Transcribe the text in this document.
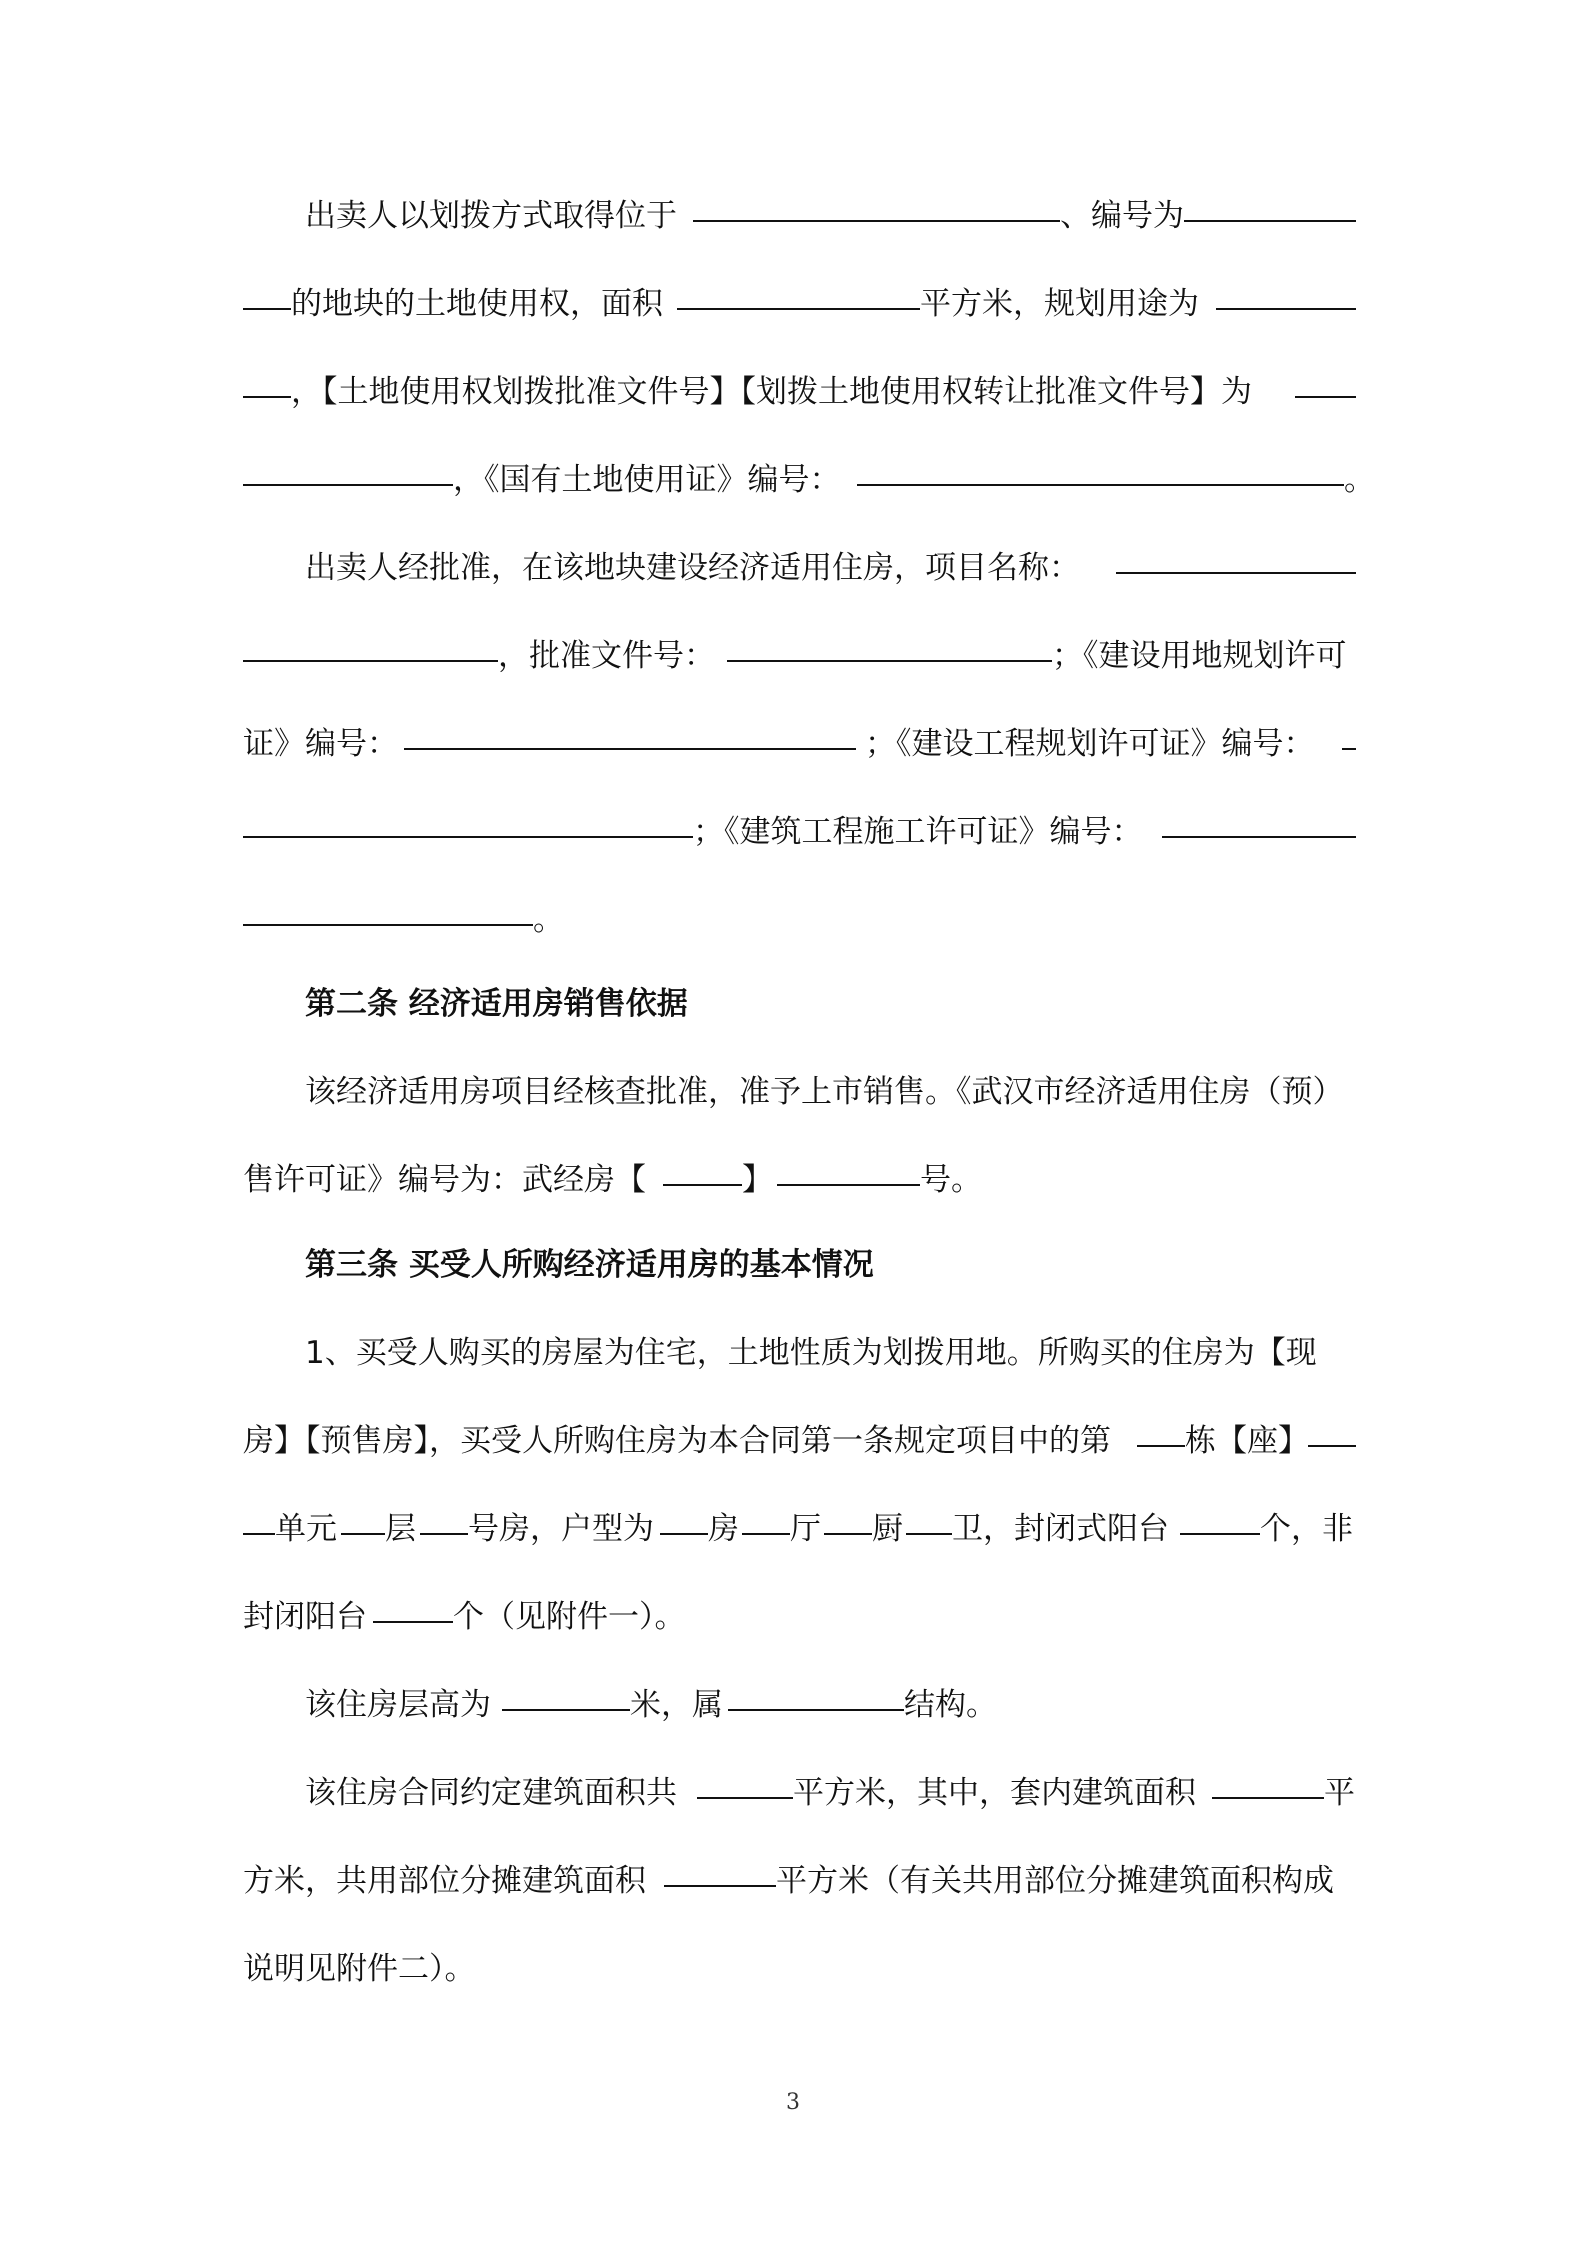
出卖人以划拨方式取得位于	、编号为
的地块的土地使用权，面积	平方米，规划用途为
，【土地使用权划拨批准文件号】【划拨土地使用权转让批准文件号】为
，《国有土地使用证》编号：	。
出卖人经批准，在该地块建设经济适用住房，项目名称：
，批准文件号：	；《建设用地规划许可
证》编号：	；《建设工程规划许可证》编号：
；《建筑工程施工许可证》编号：
。
第二条 经济适用房销售依据
该经济适用房项目经核查批准，准予上市销售。《武汉市经济适用住房（预）
售许可证》编号为：武经房【	】	号。
第三条 买受人所购经济适用房的基本情况
1、买受人购买的房屋为住宅，土地性质为划拨用地。所购买的住房为【现
房】【预售房】，买受人所购住房为本合同第一条规定项目中的第 栋【座】
单元 层 号房，户型为 房 厅 厨 卫，封闭式阳台	个，非
封闭阳台	个（见附件一）。
该住房层高为	米，属	结构。
该住房合同约定建筑面积共	平方米，其中，套内建筑面积	平
方米，共用部位分摊建筑面积	平方米（有关共用部位分摊建筑面积构成
说明见附件二）。
3
